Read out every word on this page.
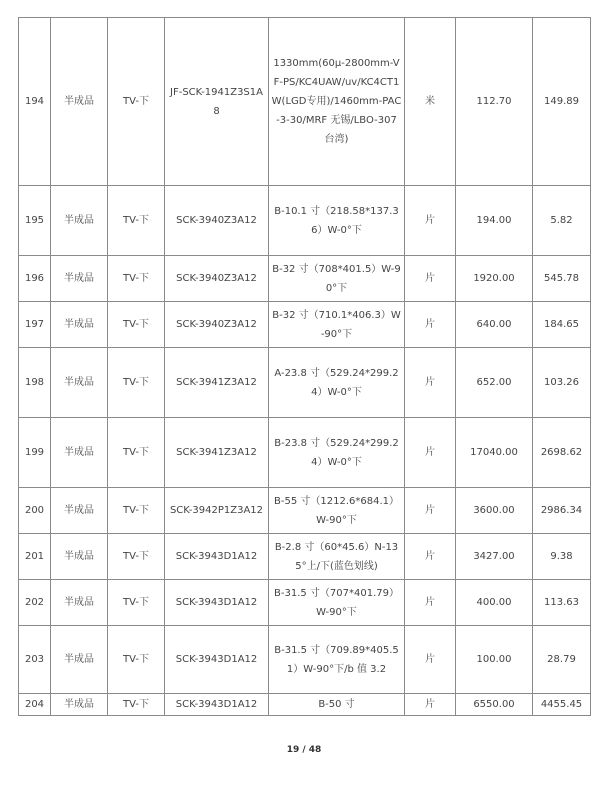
194	半成品	TV-下	JF-SCK-1941Z3S1A8	1330mm(60μ-2800mm-VF-PS/KC4UAW/uv/KC4CT1W(LGD专用)/1460mm-PAC-3-30/MRF 无锡/LBO-307 台湾)	米	112.70	149.89
195	半成品	TV-下	SCK-3940Z3A12	B-10.1 寸（218.58*137.36）W-0°下	片	194.00	5.82
196	半成品	TV-下	SCK-3940Z3A12	B-32 寸（708*401.5）W-90°下	片	1920.00	545.78
197	半成品	TV-下	SCK-3940Z3A12	B-32 寸（710.1*406.3）W-90°下	片	640.00	184.65
198	半成品	TV-下	SCK-3941Z3A12	A-23.8 寸（529.24*299.24）W-0°下	片	652.00	103.26
199	半成品	TV-下	SCK-3941Z3A12	B-23.8 寸（529.24*299.24）W-0°下	片	17040.00	2698.62
200	半成品	TV-下	SCK-3942P1Z3A12	B-55 寸（1212.6*684.1）W-90°下	片	3600.00	2986.34
201	半成品	TV-下	SCK-3943D1A12	B-2.8 寸（60*45.6）N-135°上/下(蓝色划线)	片	3427.00	9.38
202	半成品	TV-下	SCK-3943D1A12	B-31.5 寸（707*401.79）W-90°下	片	400.00	113.63
203	半成品	TV-下	SCK-3943D1A12	B-31.5 寸（709.89*405.51）W-90°下/b 值 3.2	片	100.00	28.79
204	半成品	TV-下	SCK-3943D1A12	B-50 寸	片	6550.00	4455.45
19 / 48
